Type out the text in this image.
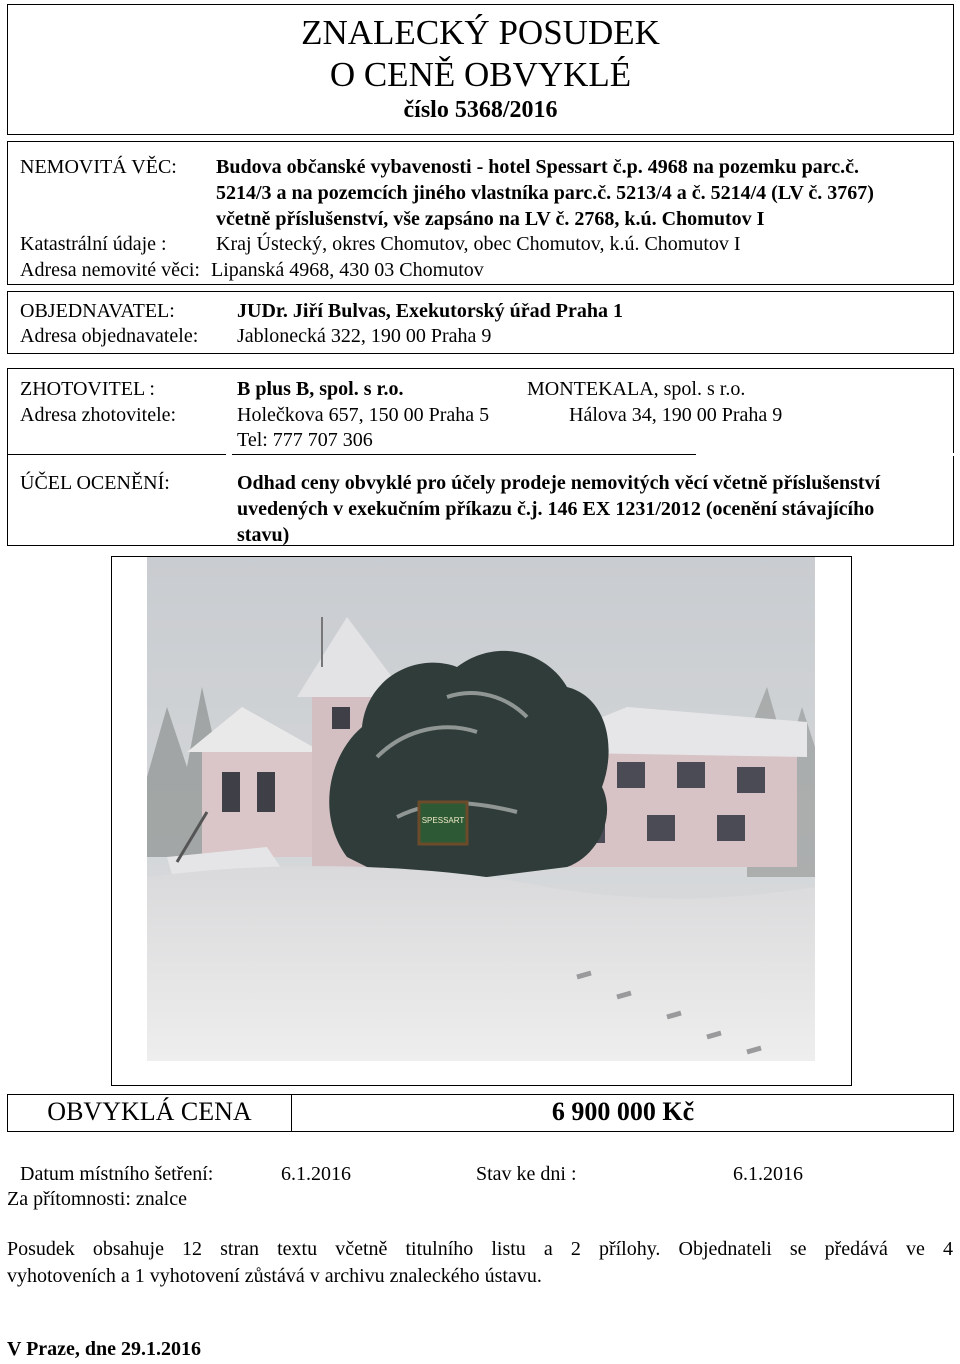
ZNALECKÝ POSUDEK
O CENĚ OBVYKLÉ
číslo 5368/2016
NEMOVITÁ VĚC: Budova občanské vybavenosti - hotel Spessart č.p. 4968 na pozemku parc.č.
5214/3 a na pozemcích jiného vlastníka parc.č. 5213/4 a č. 5214/4 (LV č. 3767)
včetně příslušenství, vše zapsáno na LV č. 2768, k.ú. Chomutov I
Katastrální údaje : Kraj Ústecký, okres Chomutov, obec Chomutov, k.ú. Chomutov I
Adresa nemovité věci: Lipanská 4968, 430 03 Chomutov
OBJEDNAVATEL:	JUDr. Jiří Bulvas, Exekutorský úřad Praha 1
Adresa objednavatele: Jablonecká 322, 190 00 Praha 9
ZHOTOVITEL :	B plus B, spol. s r.o.	MONTEKALA, spol. s r.o.
Adresa zhotovitele:	Holečkova 657, 150 00 Praha 5	Hálova 34, 190 00 Praha 9
Tel: 777 707 306
ÚČEL OCENĚNÍ:	Odhad ceny obvyklé pro účely prodeje nemovitých věcí včetně příslušenství
uvedených v exekučním příkazu č.j. 146 EX 1231/2012 (ocenění stávajícího
stavu)
SPESSART
OBVYKLÁ CENA	6 900 000 Kč
Datum místního šetření:	6.1.2016	Stav ke dni :	6.1.2016
Za přítomnosti: znalce
Posudek obsahuje 12 stran textu včetně titulního listu a 2 přílohy. Objednateli se předává ve 4
vyhotoveních a 1 vyhotovení zůstává v archivu znaleckého ústavu.
V Praze, dne 29.1.2016
